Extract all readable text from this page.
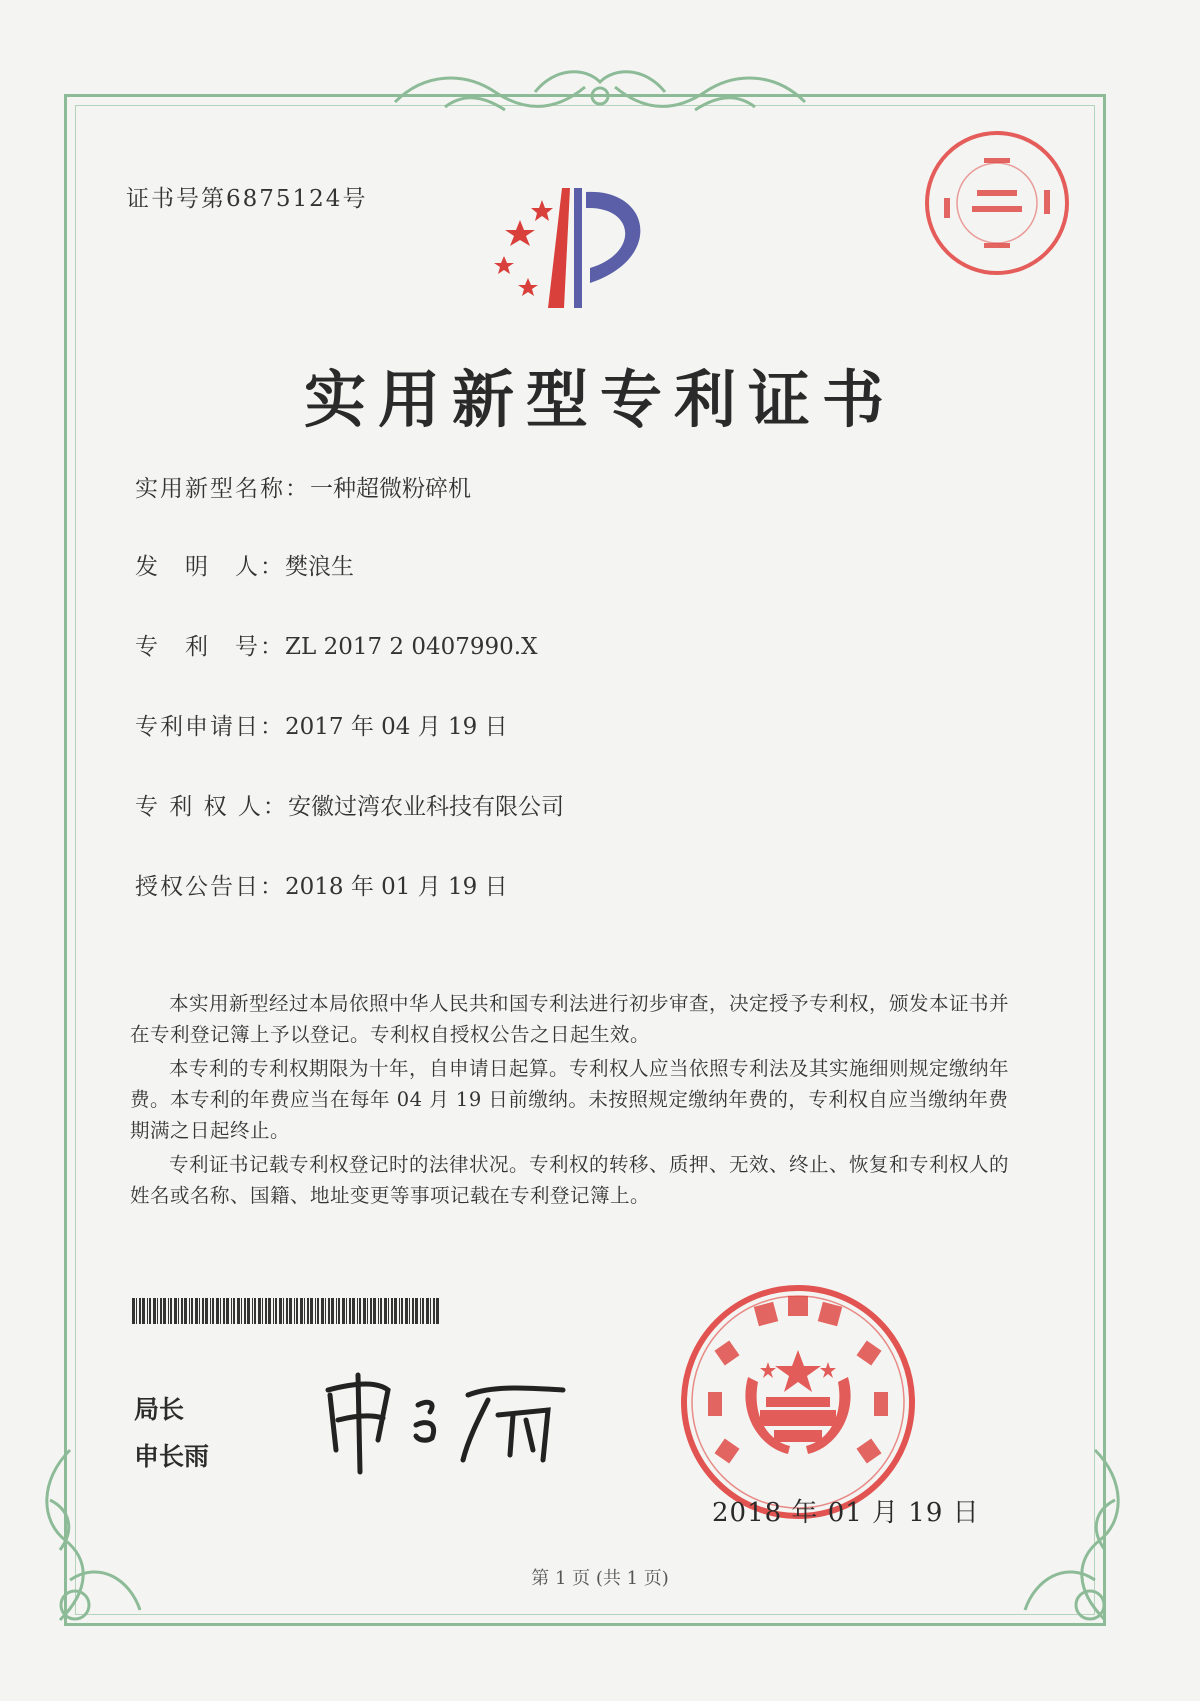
证书号第6875124号
实用新型专利证书
实用新型名称：一种超微粉碎机
发　明　人：樊浪生
专　利　号：ZL 2017 2 0407990.X
专利申请日：2017 年 04 月 19 日
专 利 权 人：安徽过湾农业科技有限公司
授权公告日：2018 年 01 月 19 日

本实用新型经过本局依照中华人民共和国专利法进行初步审查，决定授予专利权，颁发本证书并在专利登记簿上予以登记。专利权自授权公告之日起生效。

本专利的专利权期限为十年，自申请日起算。专利权人应当依照专利法及其实施细则规定缴纳年费。本专利的年费应当在每年 04 月 19 日前缴纳。未按照规定缴纳年费的，专利权自应当缴纳年费期满之日起终止。

专利证书记载专利权登记时的法律状况。专利权的转移、质押、无效、终止、恢复和专利权人的姓名或名称、国籍、地址变更等事项记载在专利登记簿上。

局长
申长雨
2018 年 01 月 19 日
第 1 页 (共 1 页)
